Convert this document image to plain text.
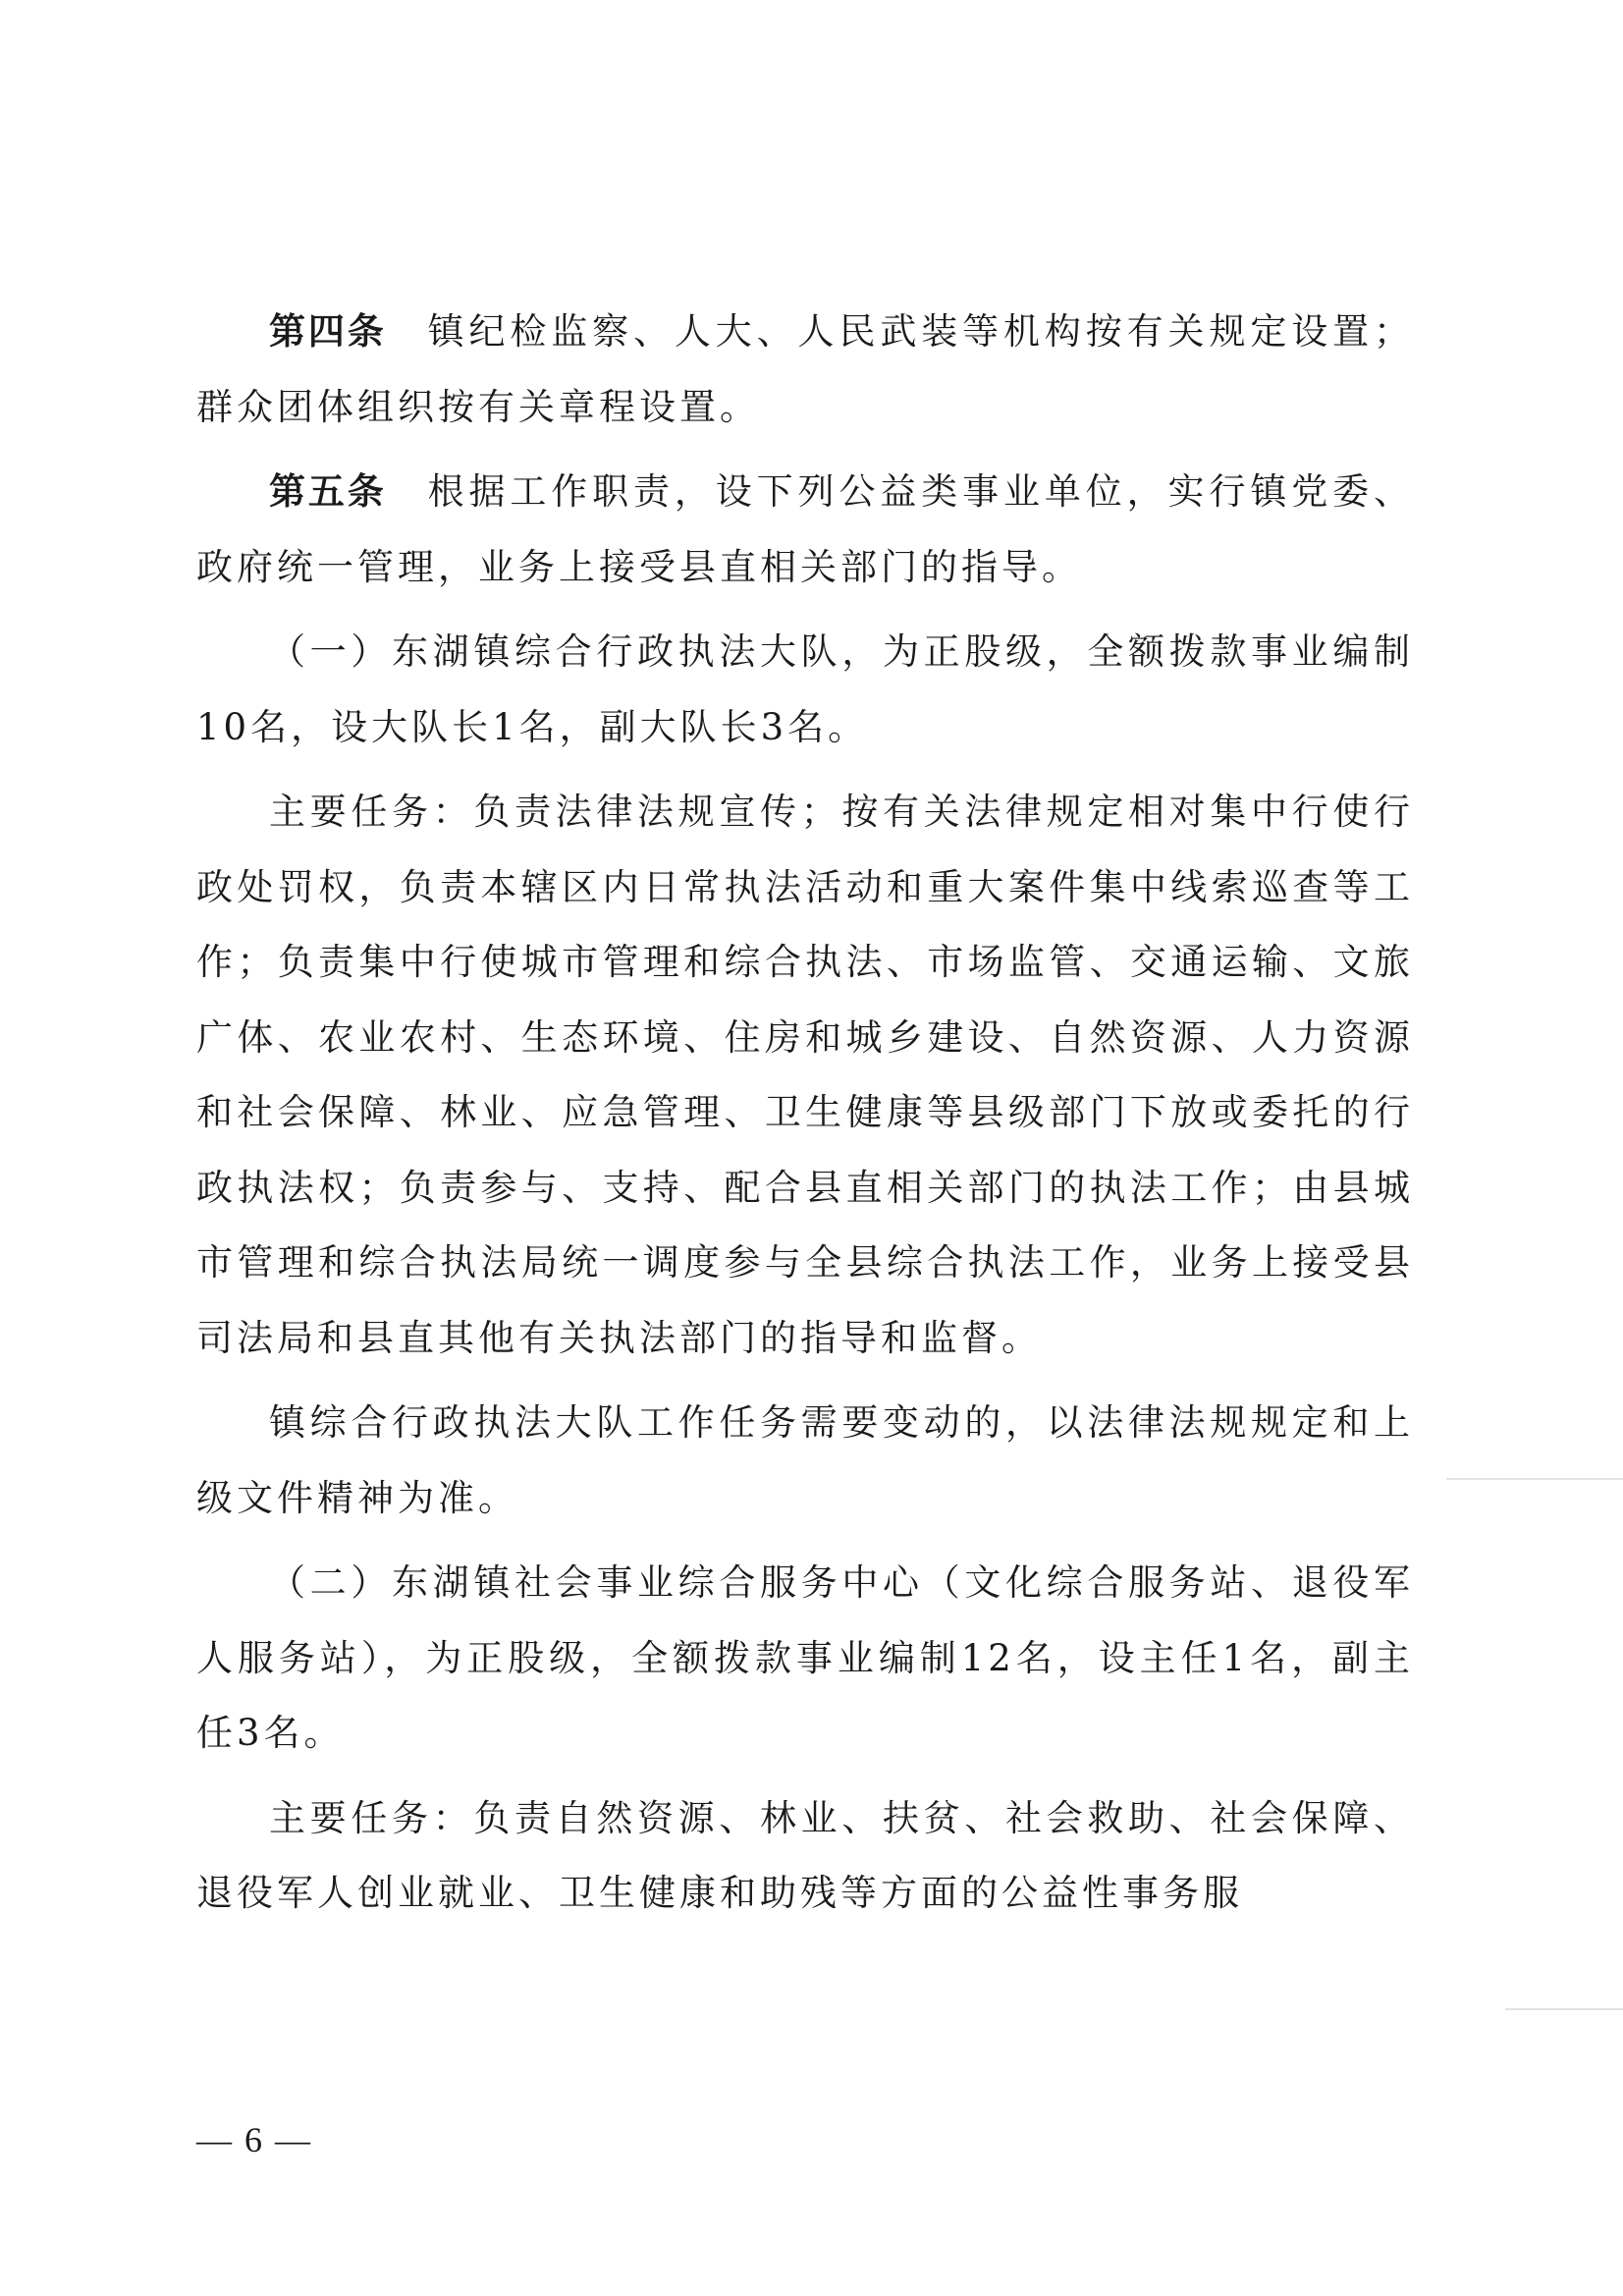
第四条　 镇纪检监察、人大、人民武装等机构按有关规定设置；群众团体组织按有关章程设置。

第五条　 根据工作职责，设下列公益类事业单位，实行镇党委、政府统一管理，业务上接受县直相关部门的指导。

（一）东湖镇综合行政执法大队，为正股级，全额拨款事业编制10名，设大队长1名，副大队长3名。

主要任务：负责法律法规宣传；按有关法律规定相对集中行使行政处罚权，负责本辖区内日常执法活动和重大案件集中线索巡查等工作；负责集中行使城市管理和综合执法、市场监管、交通运输、文旅广体、农业农村、生态环境、住房和城乡建设、自然资源、人力资源和社会保障、林业、应急管理、卫生健康等县级部门下放或委托的行政执法权；负责参与、支持、配合县直相关部门的执法工作；由县城市管理和综合执法局统一调度参与全县综合执法工作，业务上接受县司法局和县直其他有关执法部门的指导和监督。

镇综合行政执法大队工作任务需要变动的，以法律法规规定和上级文件精神为准。

（二）东湖镇社会事业综合服务中心（文化综合服务站、退役军人服务站），为正股级，全额拨款事业编制12名，设主任1名，副主任3名。

主要任务：负责自然资源、林业、扶贫、社会救助、社会保障、退役军人创业就业、卫生健康和助残等方面的公益性事务服

— 6 —
